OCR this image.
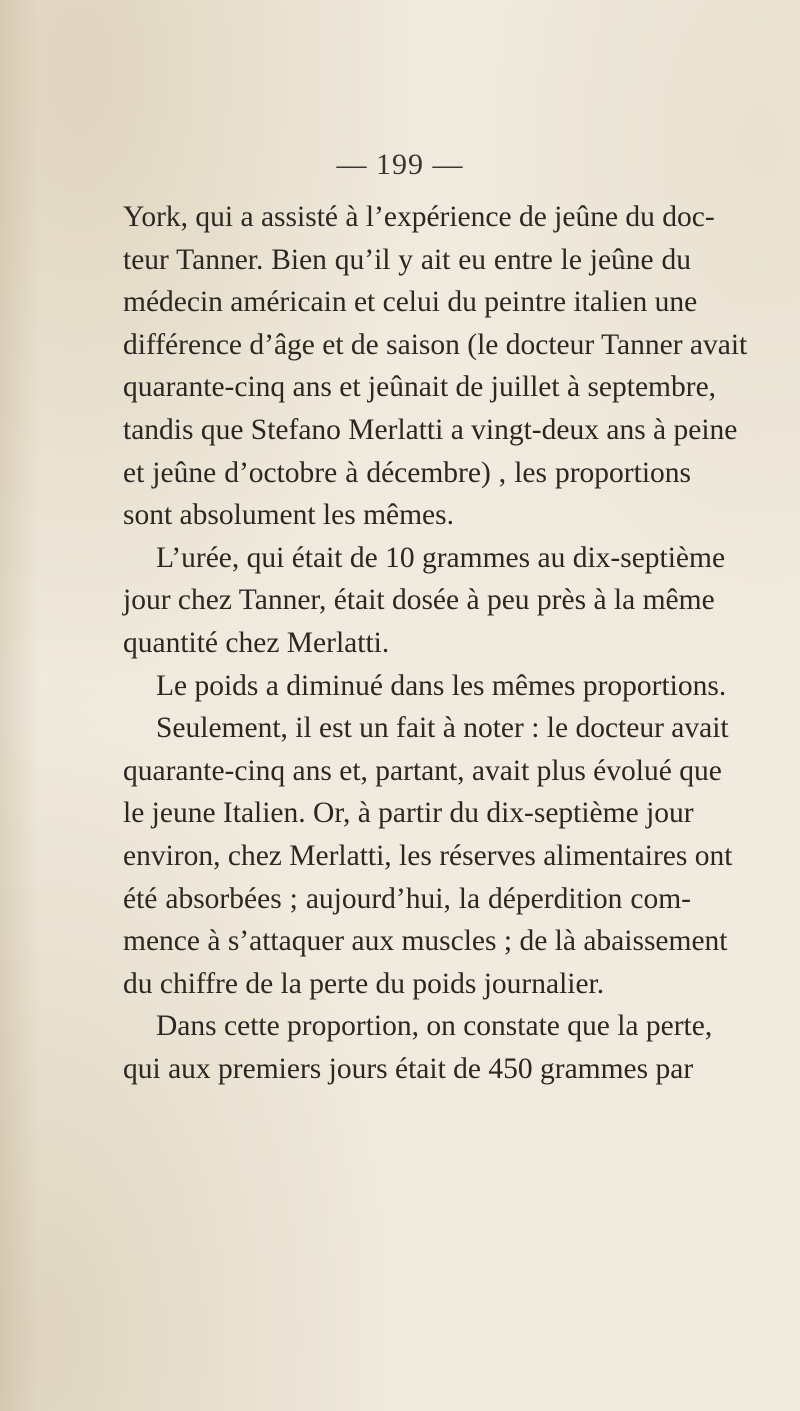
— 199 —
York, qui a assisté à l’expérience de jeûne du doc-
teur Tanner. Bien qu’il y ait eu entre le jeûne du
médecin américain et celui du peintre italien une
différence d’âge et de saison (le docteur Tanner avait
quarante-cinq ans et jeûnait de juillet à septembre,
tandis que Stefano Merlatti a vingt-deux ans à peine
et jeûne d’octobre à décembre) , les proportions
sont absolument les mêmes.
L’urée, qui était de 10 grammes au dix-septième
jour chez Tanner, était dosée à peu près à la même
quantité chez Merlatti.
Le poids a diminué dans les mêmes proportions.
Seulement, il est un fait à noter : le docteur avait
quarante-cinq ans et, partant, avait plus évolué que
le jeune Italien. Or, à partir du dix-septième jour
environ, chez Merlatti, les réserves alimentaires ont
été absorbées ; aujourd’hui, la déperdition com-
mence à s’attaquer aux muscles ; de là abaissement
du chiffre de la perte du poids journalier.
Dans cette proportion, on constate que la perte,
qui aux premiers jours était de 450 grammes par
